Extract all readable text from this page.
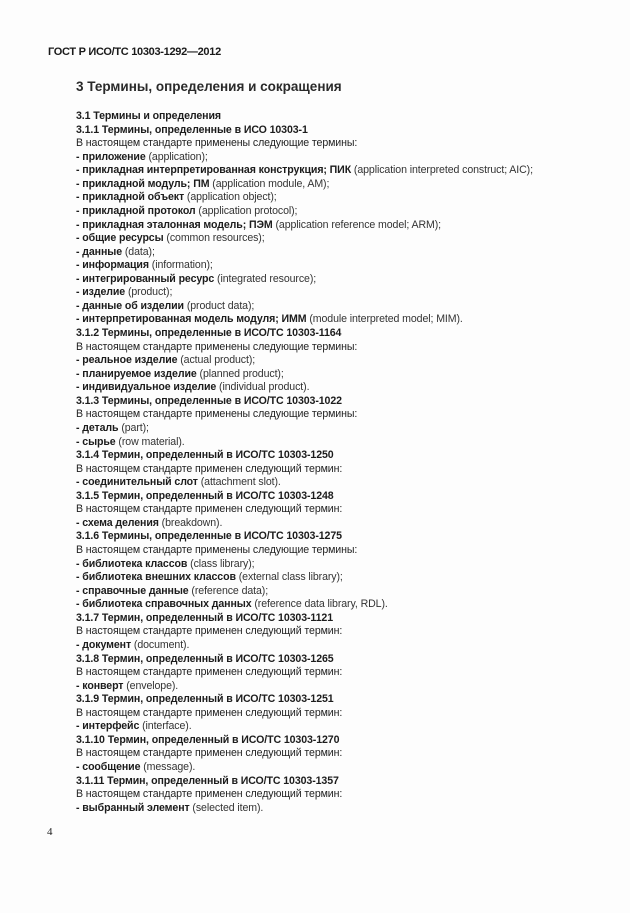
ГОСТ Р ИСО/ТС 10303-1292—2012
3 Термины, определения и сокращения
3.1 Термины и определения
3.1.1 Термины, определенные в ИСО 10303-1
В настоящем стандарте применены следующие термины:
- приложение (application);
- прикладная интерпретированная конструкция; ПИК (application interpreted construct; AIC);
- прикладной модуль; ПМ (application module, AM);
- прикладной объект (application object);
- прикладной протокол (application protocol);
- прикладная эталонная модель; ПЭМ (application reference model; ARM);
- общие ресурсы (common resources);
- данные (data);
- информация (information);
- интегрированный ресурс (integrated resource);
- изделие (product);
- данные об изделии (product data);
- интерпретированная модель модуля; ИММ (module interpreted model; MIM).
3.1.2 Термины, определенные в ИСО/ТС 10303-1164
В настоящем стандарте применены следующие термины:
- реальное изделие (actual product);
- планируемое изделие (planned product);
- индивидуальное изделие (individual product).
3.1.3 Термины, определенные в ИСО/ТС 10303-1022
В настоящем стандарте применены следующие термины:
- деталь (part);
- сырье (row material).
3.1.4 Термин, определенный в ИСО/ТС 10303-1250
В настоящем стандарте применен следующий термин:
- соединительный слот (attachment slot).
3.1.5 Термин, определенный в ИСО/ТС 10303-1248
В настоящем стандарте применен следующий термин:
- схема деления (breakdown).
3.1.6 Термины, определенные в ИСО/ТС 10303-1275
В настоящем стандарте применены следующие термины:
- библиотека классов (class library);
- библиотека внешних классов (external class library);
- справочные данные (reference data);
- библиотека справочных данных (reference data library, RDL).
3.1.7 Термин, определенный в ИСО/ТС 10303-1121
В настоящем стандарте применен следующий термин:
- документ (document).
3.1.8 Термин, определенный в ИСО/ТС 10303-1265
В настоящем стандарте применен следующий термин:
- конверт (envelope).
3.1.9 Термин, определенный в ИСО/ТС 10303-1251
В настоящем стандарте применен следующий термин:
- интерфейс (interface).
3.1.10 Термин, определенный в ИСО/ТС 10303-1270
В настоящем стандарте применен следующий термин:
- сообщение (message).
3.1.11 Термин, определенный в ИСО/ТС 10303-1357
В настоящем стандарте применен следующий термин:
- выбранный элемент (selected item).
4
